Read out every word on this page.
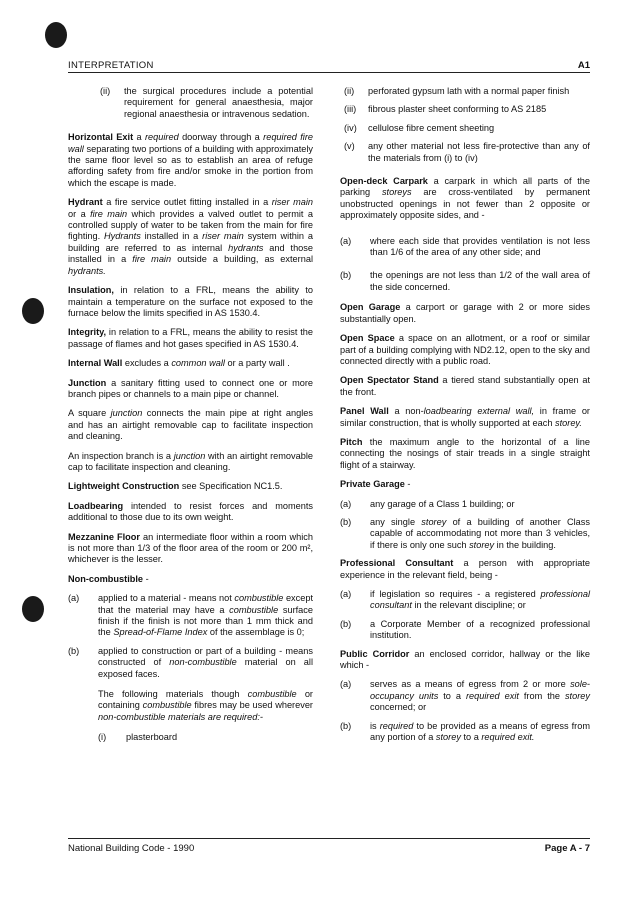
INTERPRETATION	A1
(ii)	the surgical procedures include a potential requirement for general anaesthesia, major regional anaesthesia or intravenous sedation.

Horizontal Exit a required doorway through a required fire wall separating two portions of a building with approximately the same floor level so as to establish an area of refuge affording safety from fire and/or smoke in the portion from which the escape is made.

Hydrant a fire service outlet fitting installed in a riser main or a fire main which provides a valved outlet to permit a controlled supply of water to be taken from the main for fire fighting. Hydrants installed in a riser main system within a building are referred to as internal hydrants and those installed in a fire main outside a building, as external hydrants.

Insulation, in relation to a FRL, means the ability to maintain a temperature on the surface not exposed to the furnace below the limits specified in AS 1530.4.

Integrity, in relation to a FRL, means the ability to resist the passage of flames and hot gases specified in AS 1530.4.

Internal Wall excludes a common wall or a party wall .

Junction a sanitary fitting used to connect one or more branch pipes or channels to a main pipe or channel.

A square junction connects the main pipe at right angles and has an airtight removable cap to facilitate inspection and cleaning.

An inspection branch is a junction with an airtight removable cap to facilitate inspection and cleaning.

Lightweight Construction see Specification NC1.5.

Loadbearing intended to resist forces and moments additional to those due to its own weight.

Mezzanine Floor an intermediate floor within a room which is not more than 1/3 of the floor area of the room or 200 m², whichever is the lesser.

Non-combustible -

(a)	applied to a material - means not combustible except that the material may have a combustible surface finish if the finish is not more than 1 mm thick and the Spread-of-Flame Index of the assemblage is 0;
(b)	applied to construction or part of a building - means constructed of non-combustible material on all exposed faces.
The following materials though combustible or containing combustible fibres may be used wherever non-combustible materials are required:-
(i)	plasterboard
(ii)	perforated gypsum lath with a normal paper finish
(iii)	fibrous plaster sheet conforming to AS 2185
(iv)	cellulose fibre cement sheeting
(v)	any other material not less fire-protective than any of the materials from (i) to (iv)

Open-deck Carpark a carpark in which all parts of the parking storeys are cross-ventilated by permanent unobstructed openings in not fewer than 2 opposite or approximately opposite sides, and -

(a)	where each side that provides ventilation is not less than 1/6 of the area of any other side; and
(b)	the openings are not less than 1/2 of the wall area of the side concerned.

Open Garage a carport or garage with 2 or more sides substantially open.

Open Space a space on an allotment, or a roof or similar part of a building complying with ND2.12, open to the sky and connected directly with a public road.

Open Spectator Stand a tiered stand substantially open at the front.

Panel Wall a non-loadbearing external wall, in frame or similar construction, that is wholly supported at each storey.

Pitch the maximum angle to the horizontal of a line connecting the nosings of stair treads in a single straight flight of a stairway.

Private Garage -

(a)	any garage of a Class 1 building; or
(b)	any single storey of a building of another Class capable of accommodating not more than 3 vehicles, if there is only one such storey in the building.

Professional Consultant a person with appropriate experience in the relevant field, being -

(a)	if legislation so requires - a registered professional consultant in the relevant discipline; or
(b)	a Corporate Member of a recognized professional institution.

Public Corridor an enclosed corridor, hallway or the like which -

(a)	serves as a means of egress from 2 or more sole-occupancy units to a required exit from the storey concerned; or
(b)	is required to be provided as a means of egress from any portion of a storey to a required exit.
National Building Code - 1990	Page A - 7
